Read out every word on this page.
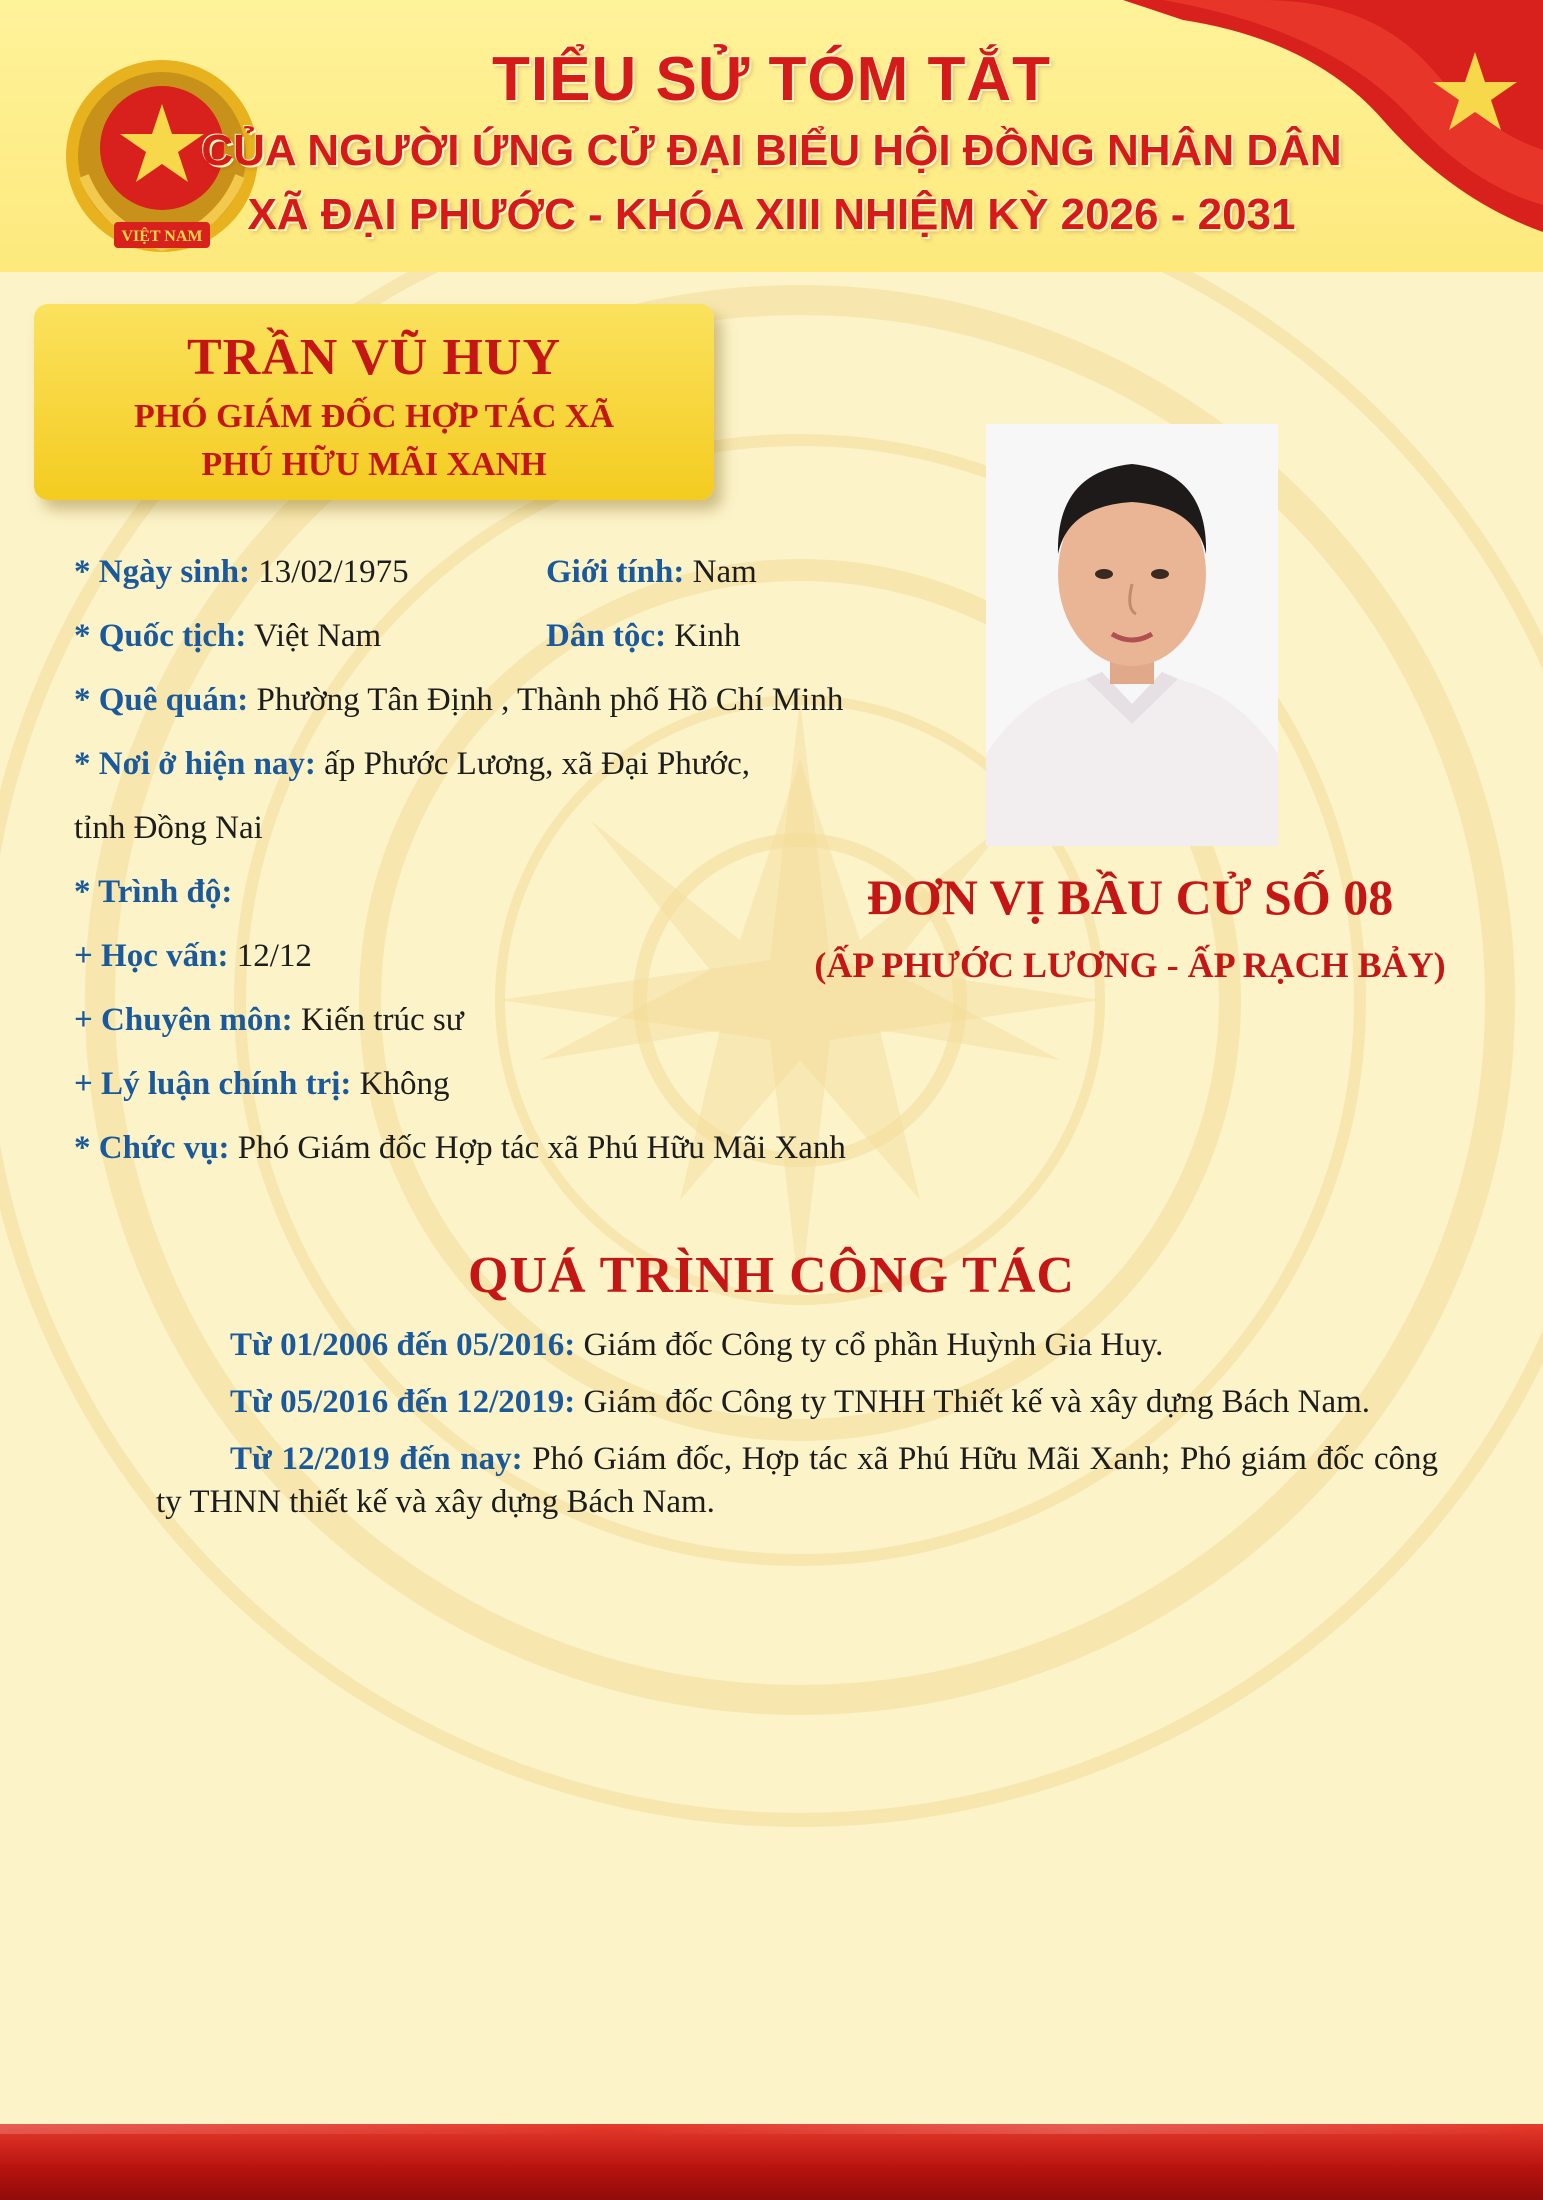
VIỆT NAM
TIỂU SỬ TÓM TẮT
CỦA NGƯỜI ỨNG CỬ ĐẠI BIỂU HỘI ĐỒNG NHÂN DÂN
XÃ ĐẠI PHƯỚC - KHÓA XIII NHIỆM KỲ 2026 - 2031
TRẦN VŨ HUY
PHÓ GIÁM ĐỐC HỢP TÁC XÃ
PHÚ HỮU MÃI XANH
* Ngày sinh: 13/02/1975	Giới tính: Nam
* Quốc tịch: Việt Nam	Dân tộc: Kinh
* Quê quán: Phường Tân Định , Thành phố Hồ Chí Minh
* Nơi ở hiện nay: ấp Phước Lương, xã Đại Phước,
tỉnh Đồng Nai
* Trình độ:
+ Học vấn: 12/12
+ Chuyên môn: Kiến trúc sư
+ Lý luận chính trị: Không
* Chức vụ: Phó Giám đốc Hợp tác xã Phú Hữu Mãi Xanh
ĐƠN VỊ BẦU CỬ SỐ 08
(ẤP PHƯỚC LƯƠNG - ẤP RẠCH BẢY)
QUÁ TRÌNH CÔNG TÁC

Từ 01/2006 đến 05/2016: Giám đốc Công ty cổ phần Huỳnh Gia Huy.

Từ 05/2016 đến 12/2019: Giám đốc Công ty TNHH Thiết kế và xây dựng Bách Nam.

Từ 12/2019 đến nay: Phó Giám đốc, Hợp tác xã Phú Hữu Mãi Xanh; Phó giám đốc công ty THNN thiết kế và xây dựng Bách Nam.
